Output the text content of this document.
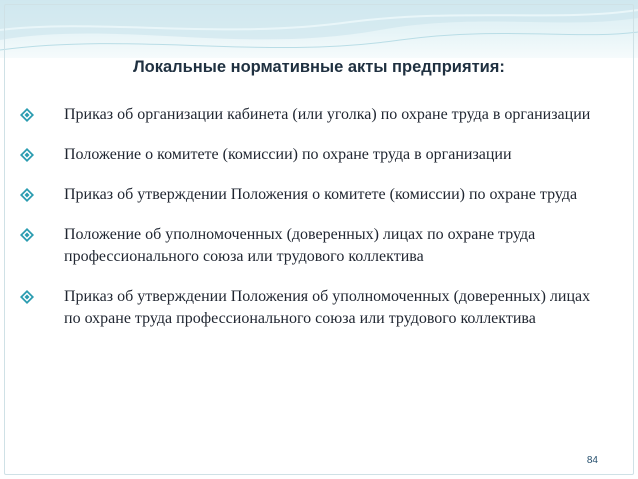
Локальные нормативные акты предприятия:
Приказ об организации кабинета (или уголка) по охране труда в организации
Положение о комитете (комиссии) по охране труда в организации
Приказ об утверждении Положения о комитете (комиссии) по охране труда
Положение об уполномоченных (доверенных) лицах по охране труда профессионального союза или трудового коллектива
Приказ об утверждении Положения об уполномоченных (доверенных) лицах по охране труда профессионального союза или трудового коллектива
84
